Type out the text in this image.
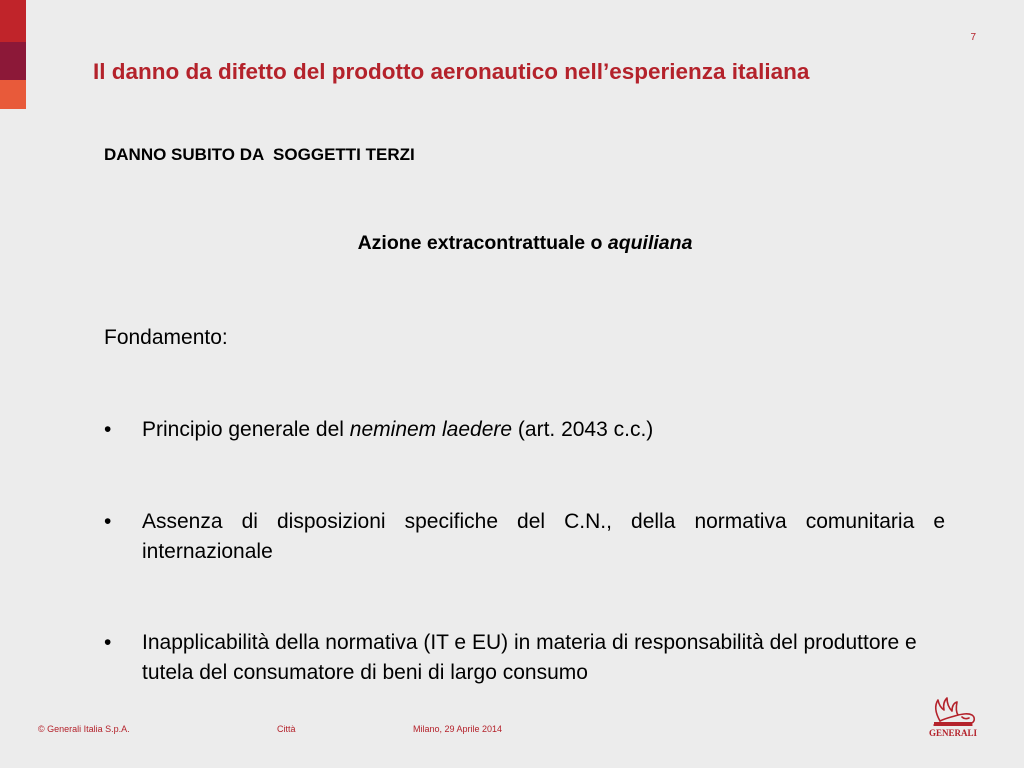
7
Il danno da difetto del prodotto aeronautico nell’esperienza italiana
DANNO SUBITO DA  SOGGETTI TERZI
Azione extracontrattuale o aquiliana
Fondamento:
• Principio generale del neminem laedere (art. 2043 c.c.)
• Assenza di disposizioni specifiche del C.N., della normativa comunitaria e internazionale
• Inapplicabilità della normativa (IT e EU) in materia di responsabilità del produttore e tutela del consumatore di beni di largo consumo
© Generali Italia S.p.A.	Città	Milano, 29 Aprile 2014	GENERALI
